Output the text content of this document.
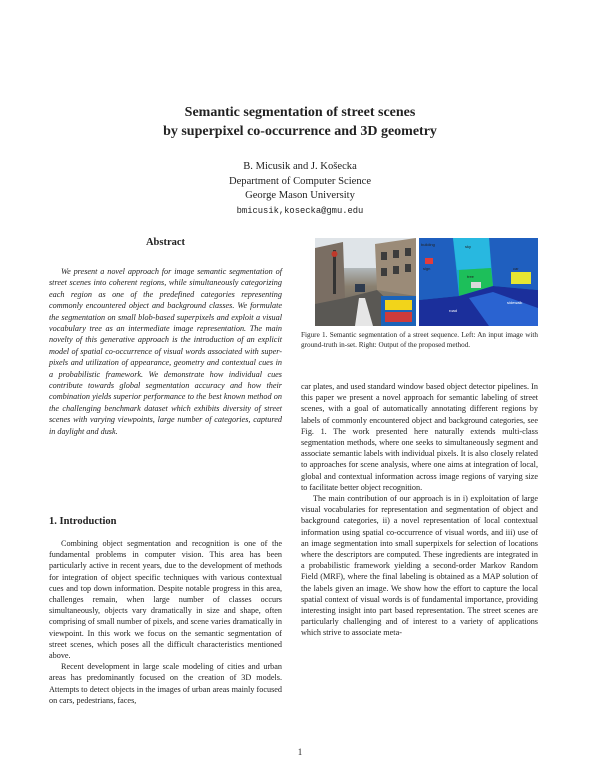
Semantic segmentation of street scenes
by superpixel co-occurrence and 3D geometry
B. Micusik and J. Košecka
Department of Computer Science
George Mason University
bmicusik,kosecka@gmu.edu
Abstract

We present a novel approach for image semantic segmentation of street scenes into coherent regions, while simultaneously categorizing each region as one of the predefined categories representing commonly encountered object and background classes. We formulate the segmentation on small blob-based superpixels and exploit a visual vocabulary tree as an intermediate image representation. The main novelty of this generative approach is the introduction of an explicit model of spatial co-occurrence of visual words associated with super-pixels and utilization of appearance, geometry and contextual cues in a probabilistic framework. We demonstrate how individual cues contribute towards global segmentation accuracy and how their combination yields superior performance to the best known method on the challenging benchmark dataset which exhibits diversity of street scenes with varying viewpoints, large number of categories, captured in daylight and dusk.

1. Introduction

Combining object segmentation and recognition is one of the fundamental problems in computer vision. This area has been particularly active in recent years, due to the development of methods for integration of object specific techniques with various contextual cues and top down information. Despite notable progress in this area, challenges remain, when large number of classes occurs simultaneously, objects vary dramatically in size and shape, often comprising of small number of pixels, and scene varies dramatically in viewpoint. In this work we focus on the semantic segmentation of street scenes, which poses all the difficult characteristics mentioned above.

Recent development in large scale modeling of cities and urban areas has predominantly focused on the creation of 3D models. Attempts to detect objects in the images of urban areas mainly focused on cars, pedestrians, faces,

building	sky
tree
sign	car
road
sidewalk

Figure 1. Semantic segmentation of a street sequence. Left: An input image with ground-truth in-set. Right: Output of the proposed method.

car plates, and used standard window based object detector pipelines. In this paper we present a novel approach for semantic labeling of street scenes, with a goal of automatically annotating different regions by labels of commonly encountered object and background categories, see Fig. 1. The work presented here naturally extends multi-class segmentation methods, where one seeks to simultaneously segment and associate semantic labels with individual pixels. It is also closely related to approaches for scene analysis, where one aims at integration of local, global and contextual information across image regions of varying size to facilitate better object recognition.

The main contribution of our approach is in i) exploitation of large visual vocabularies for representation and segmentation of object and background categories, ii) a novel representation of local contextual information using spatial co-occurrence of visual words, and iii) use of an image segmentation into small superpixels for selection of locations where the descriptors are computed. These ingredients are integrated in a probabilistic framework yielding a second-order Markov Random Field (MRF), where the final labeling is obtained as a MAP solution of the labels given an image. We show how the effort to capture the local spatial context of visual words is of fundamental importance, providing interesting insight into part based representation. The street scenes are particularly challenging and of interest to a variety of applications which strive to associate meta-

1
